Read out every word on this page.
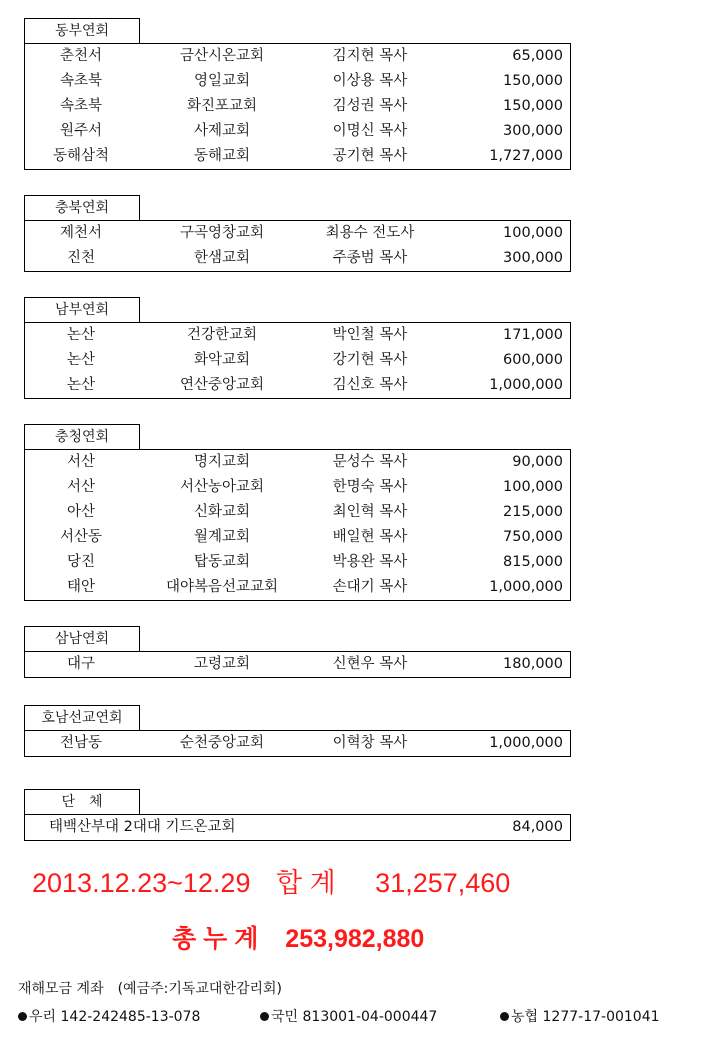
동부연회
춘천서	금산시온교회	김지현 목사	65,000
속초북	영일교회	이상용 목사	150,000
속초북	화진포교회	김성권 목사	150,000
원주서	사제교회	이명신 목사	300,000
동해삼척	동해교회	공기현 목사	1,727,000
충북연회
제천서	구곡영창교회	최용수 전도사	100,000
진천	한샘교회	주종범 목사	300,000
남부연회
논산	건강한교회	박인철 목사	171,000
논산	화악교회	강기현 목사	600,000
논산	연산중앙교회	김신호 목사	1,000,000
충청연회
서산	명지교회	문성수 목사	90,000
서산	서산농아교회	한명숙 목사	100,000
아산	신화교회	최인혁 목사	215,000
서산동	월계교회	배일현 목사	750,000
당진	탑동교회	박용완 목사	815,000
태안	대야복음선교교회	손대기 목사	1,000,000
삼남연회
대구	고령교회	신현우 목사	180,000
호남선교연회
전남동	순천중앙교회	이혁창 목사	1,000,000
단　체
태백산부대 2대대 기드온교회	84,000
2013.12.23~12.29 합 계 31,257,460
총 누 계 253,982,880
재해모금 계좌　(예금주:기독교대한감리회)
우리 142-242485-13-078	국민 813001-04-000447	농협 1277-17-001041
